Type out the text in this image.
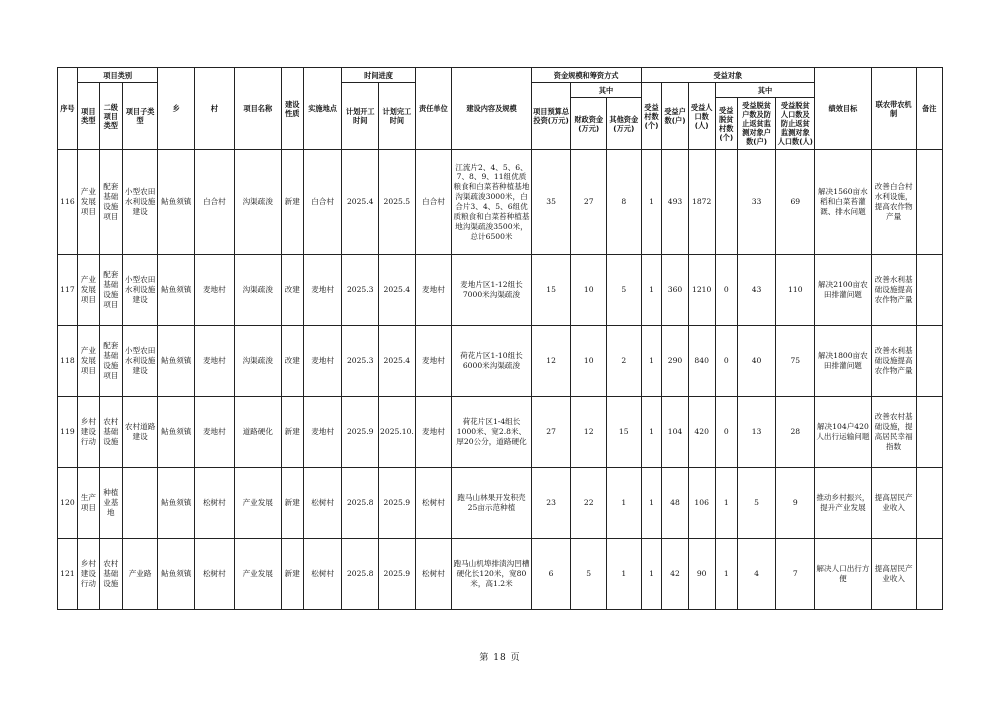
序号	项目类别			乡	村	项目名称	建设性质	实施地点	时间进度		责任单位	建设内容及规模	资金规模和筹资方式			受益对象						绩效目标	联农带农机制	备注
	项目类型	二级项目类型	项目子类型						计划开工时间	计划完工时间			项目预算总投资(万元)	其中		受益村数(个)	受益户数(户)	受益人口数(人)	其中					
														财政资金(万元)	其他资金(万元)				受益脱贫村数(个)	受益脱贫户数及防止返贫监测对象户数(户)	受益脱贫人口数及防止返贫监测对象人口数(人)			
116	产业发展项目	配套基础设施项目	小型农田水利设施建设	鲇鱼须镇	白合村	沟渠疏浚	新建	白合村	2025.4	2025.5	白合村	江流片2、4、5、6、7、8、9、11组优质粮食和白菜苔种植基地沟渠疏浚3000米，白合片3、4、5、6组优质粮食和白菜苔种植基地沟渠疏浚3500米，总计6500米	35	27	8	1	493	1872		33	69	解决1560亩水稻和白菜苔灌溉、排水问题	改善白合村水利设施，提高农作物产量	
117	产业发展项目	配套基础设施项目	小型农田水利设施建设	鲇鱼须镇	麦地村	沟渠疏浚	改建	麦地村	2025.3	2025.4	麦地村	麦地片区1-12组长7000米沟渠疏浚	15	10	5	1	360	1210	0	43	110	解决2100亩农田排灌问题	改善水利基础设施提高农作物产量	
118	产业发展项目	配套基础设施项目	小型农田水利设施建设	鲇鱼须镇	麦地村	沟渠疏浚	改建	麦地村	2025.3	2025.4	麦地村	荷花片区1-10组长6000米沟渠疏浚	12	10	2	1	290	840	0	40	75	解决1800亩农田排灌问题	改善水利基础设施提高农作物产量	
119	乡村建设行动	农村基础设施	农村道路建设	鲇鱼须镇	麦地村	道路硬化	新建	麦地村	2025.9	2025.10.	麦地村	荷花片区1-4组长1000米、宽2.8米、厚20公分，道路硬化	27	12	15	1	104	420	0	13	28	解决104户420人出行运输问题	改善农村基础设施，提高居民幸福指数	
120	生产项目	种植业基地		鲇鱼须镇	松树村	产业发展	新建	松树村	2025.8	2025.9	松树村	跑马山林果开发积壳25亩示范种植	23	22	1	1	48	106	1	5	9	推动乡村振兴，提升产业发展	提高居民产业收入	
121	乡村建设行动	农村基础设施	产业路	鲇鱼须镇	松树村	产业发展	新建	松树村	2025.8	2025.9	松树村	跑马山机埠排渍沟凹槽硬化长120米，宽80米，高1.2米	6	5	1	1	42	90	1	4	7	解决人口出行方便	提高居民产业收入	
第 18 页
